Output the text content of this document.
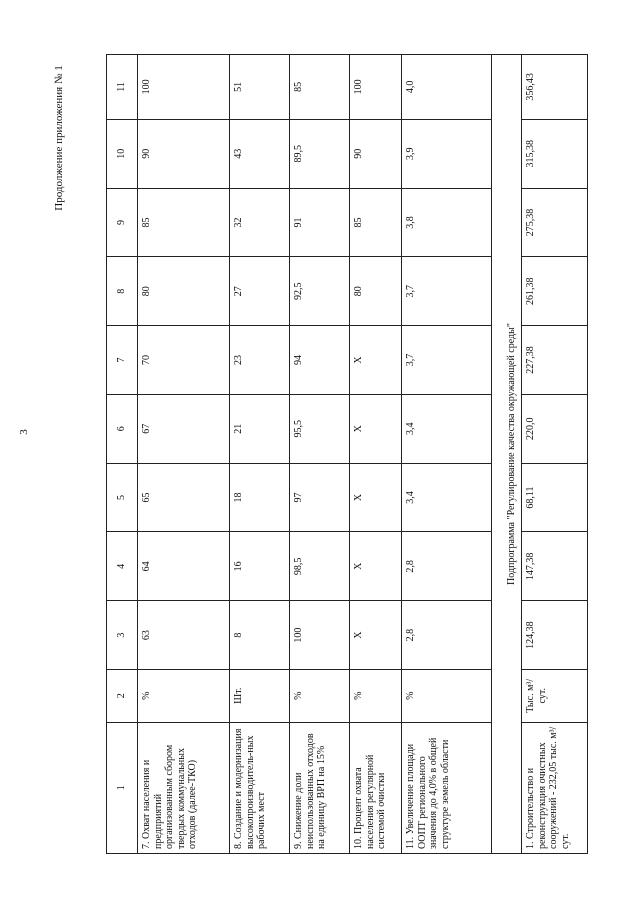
3
Продолжение приложения № 1
1	2	3	4	5	6	7	8	9	10	11
7. Охват населения и предприятий организованным сбором твердых коммунальных отходов (далее-ТКО)	%	63	64	65	67	70	80	85	90	100
8. Создание и модернизация высокопроизводитель-ных рабочих мест	Шт.	8	16	18	21	23	27	32	43	51
9. Снижение доли неиспользованных отходов на единицу ВРП на 15%	%	100	98,5	97	95,5	94	92,5	91	89,5	85
10. Процент охвата населения регулярной системой очистки	%	X	X	X	X	X	80	85	90	100
11. Увеличение площади ООПТ регионального значения до 4,0% в общей структуре земель области	%	2,8	2,8	3,4	3,4	3,7	3,7	3,8	3,9	4,0
Подпрограмма "Регулирование качества окружающей среды"										
1. Строительство и реконструкция очистных сооружений - 232,05 тыс. м³/сут.	Тыс. м³/сут.	124,38	147,38	68,11	220,0	227,38	261,38	275,38	315,38	356,43
